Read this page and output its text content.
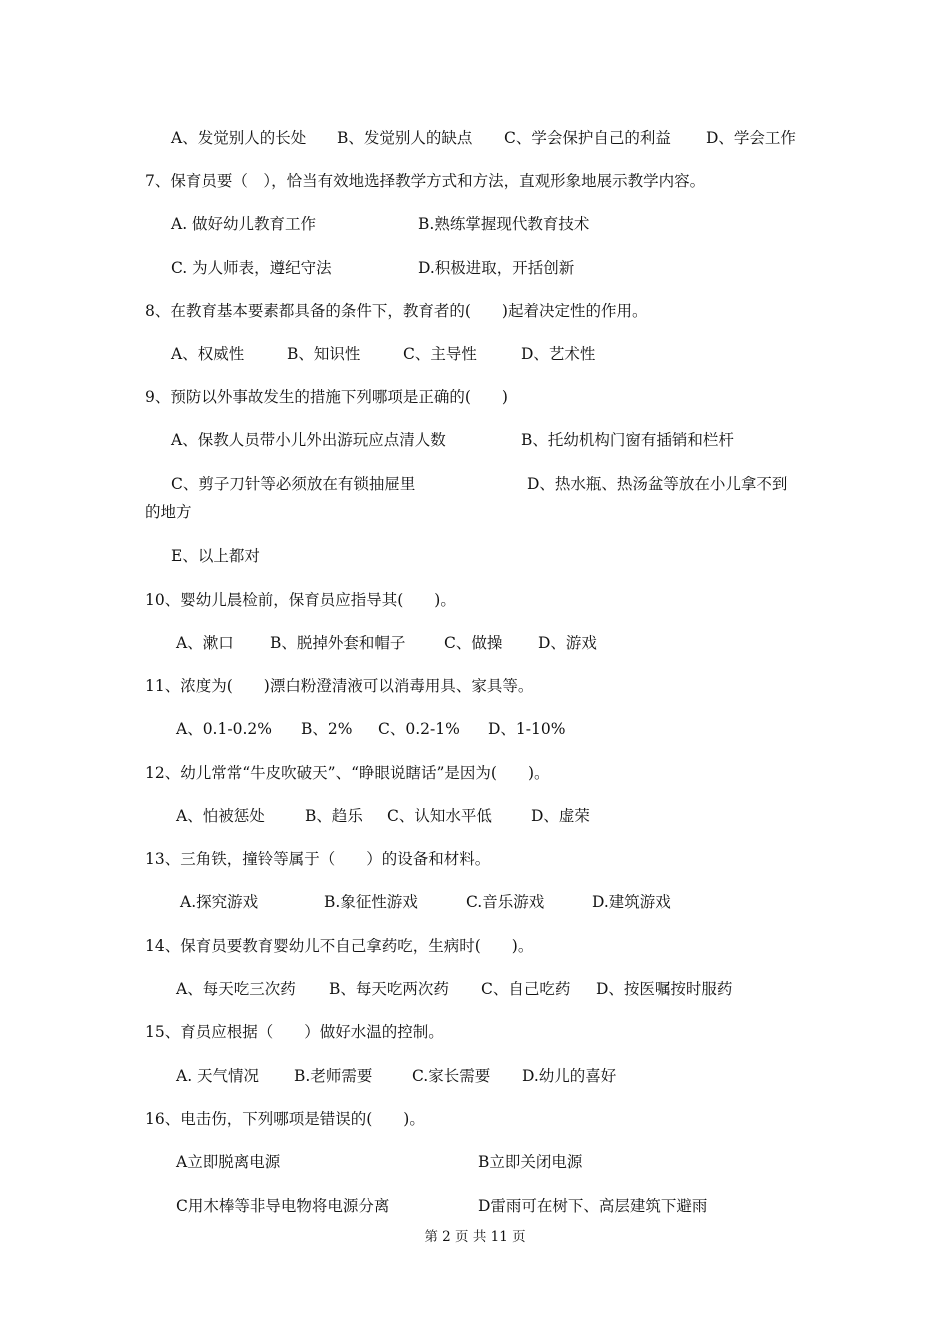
A、发觉别人的长处 B、发觉别人的缺点 C、学会保护自己的利益 D、学会工作
7、保育员要（　），恰当有效地选择教学方式和方法，直观形象地展示教学内容。
A. 做好幼儿教育工作	B.熟练掌握现代教育技术
C. 为人师表，遵纪守法	D.积极进取，开括创新
8、在教育基本要素都具备的条件下，教育者的(　　)起着决定性的作用。
A、权威性	B、知识性	C、主导性	D、艺术性
9、预防以外事故发生的措施下列哪项是正确的(　　)
A、保教人员带小儿外出游玩应点清人数	B、托幼机构门窗有插销和栏杆
C、剪子刀针等必须放在有锁抽屉里	D、热水瓶、热汤盆等放在小儿拿不到
的地方
E、以上都对
10、婴幼儿晨检前，保育员应指导其(　　)。
A、漱口 B、脱掉外套和帽子 C、做操 D、游戏
11、浓度为(　　)漂白粉澄清液可以消毒用具、家具等。
A、0.1-0.2% B、2% C、0.2-1% D、1-10%
12、幼儿常常“牛皮吹破天”、“睁眼说瞎话”是因为(　　)。
A、怕被惩处	B、趋乐 C、认知水平低	D、虚荣
13、三角铁，撞铃等属于（　　）的设备和材料。
A.探究游戏	B.象征性游戏	C.音乐游戏	D.建筑游戏
14、保育员要教育婴幼儿不自己拿药吃，生病时(　　)。
A、每天吃三次药 B、每天吃两次药 C、自己吃药 D、按医嘱按时服药
15、育员应根据（　　）做好水温的控制。
A. 天气情况 B.老师需要	C.家长需要 D.幼儿的喜好
16、电击伤，下列哪项是错误的(　　)。
A立即脱离电源	B立即关闭电源
C用木棒等非导电物将电源分离	D雷雨可在树下、高层建筑下避雨
第 2 页 共 11 页
